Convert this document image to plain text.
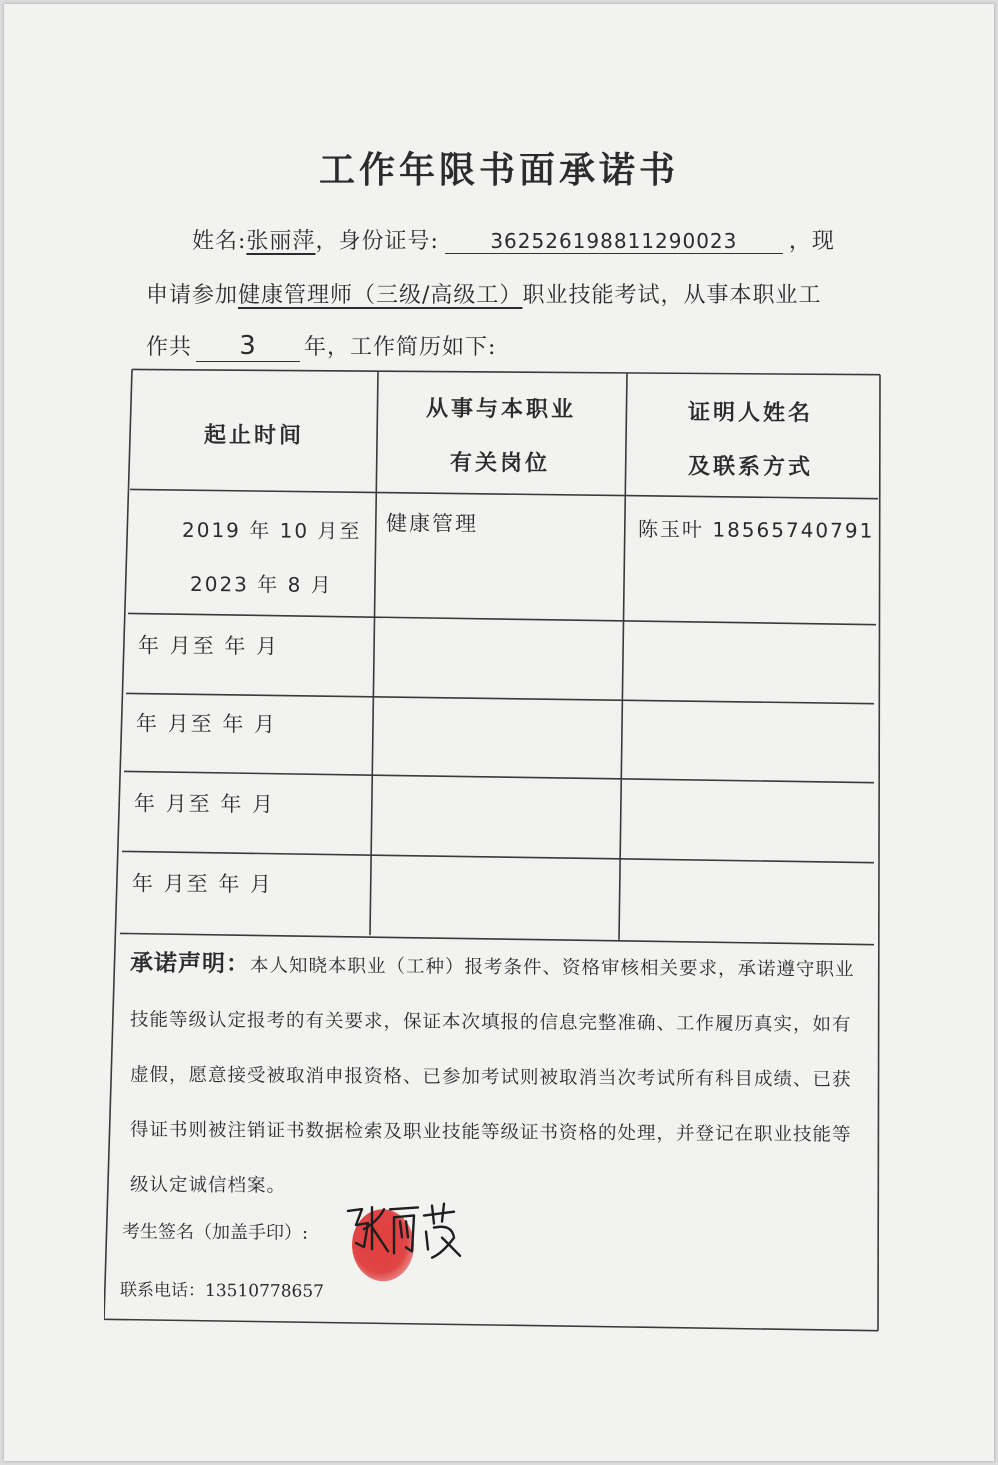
工作年限书面承诺书
姓名:张丽萍，身份证号:	362526198811290023 ，现
申请参加健康管理师（三级/高级工）职业技能考试，从事本职业工
作共 3 年，工作简历如下:
起止时间
从事与本职业
有关岗位
证明人姓名
及联系方式
2019 年 10 月至
2023 年 8 月
健康管理	陈玉叶 18565740791
年 月至 年 月
年 月至 年 月
年 月至 年 月
年 月至 年 月
承诺声明：本人知晓本职业（工种）报考条件、资格审核相关要求，承诺遵守职业技能等级认定报考的有关要求，保证本次填报的信息完整准确、工作履历真实，如有虚假，愿意接受被取消申报资格、已参加考试则被取消当次考试所有科目成绩、已获得证书则被注销证书数据检索及职业技能等级证书资格的处理，并登记在职业技能等级认定诚信档案。
考生签名（加盖手印）:
联系电话：13510778657
